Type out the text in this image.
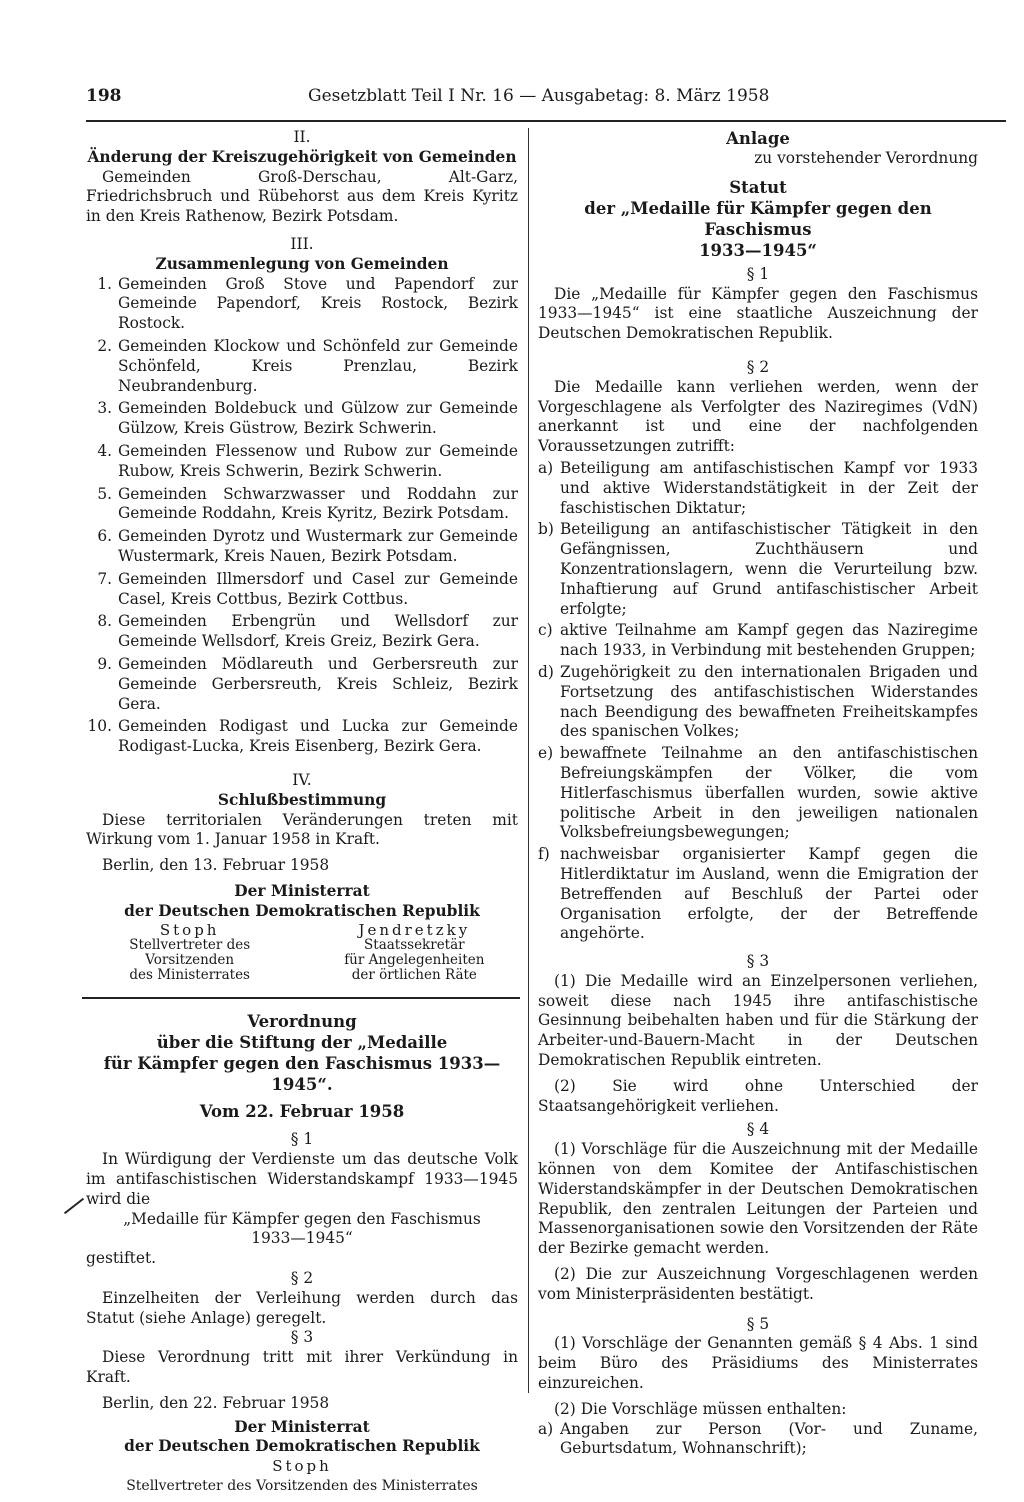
198	Gesetzblatt Teil I Nr. 16 — Ausgabetag: 8. März 1958
II.
Änderung der Kreiszugehörigkeit von Gemeinden

Gemeinden Groß-Derschau, Alt-Garz, Friedrichsbruch und Rübehorst aus dem Kreis Kyritz in den Kreis Rathenow, Bezirk Potsdam.

III.
Zusammenlegung von Gemeinden
1. Gemeinden Groß Stove und Papendorf zur Gemeinde Papendorf, Kreis Rostock, Bezirk Rostock.
2. Gemeinden Klockow und Schönfeld zur Gemeinde Schönfeld, Kreis Prenzlau, Bezirk Neubrandenburg.
3. Gemeinden Boldebuck und Gülzow zur Gemeinde Gülzow, Kreis Güstrow, Bezirk Schwerin.
4. Gemeinden Flessenow und Rubow zur Gemeinde Rubow, Kreis Schwerin, Bezirk Schwerin.
5. Gemeinden Schwarzwasser und Roddahn zur Gemeinde Roddahn, Kreis Kyritz, Bezirk Potsdam.
6. Gemeinden Dyrotz und Wustermark zur Gemeinde Wustermark, Kreis Nauen, Bezirk Potsdam.
7. Gemeinden Illmersdorf und Casel zur Gemeinde Casel, Kreis Cottbus, Bezirk Cottbus.
8. Gemeinden Erbengrün und Wellsdorf zur Gemeinde Wellsdorf, Kreis Greiz, Bezirk Gera.
9. Gemeinden Mödlareuth und Gerbersreuth zur Gemeinde Gerbersreuth, Kreis Schleiz, Bezirk Gera.
10. Gemeinden Rodigast und Lucka zur Gemeinde Rodigast-Lucka, Kreis Eisenberg, Bezirk Gera.
IV.
Schlußbestimmung

Diese territorialen Veränderungen treten mit Wirkung vom 1. Januar 1958 in Kraft.

Berlin, den 13. Februar 1958

Der Ministerrat
der Deutschen Demokratischen Republik
Stoph
Stellvertreter des Vorsitzenden
des Ministerrates
Jendretzky
Staatssekretär
für Angelegenheiten
der örtlichen Räte
Verordnung
über die Stiftung der „Medaille
für Kämpfer gegen den Faschismus 1933—1945“.
Vom 22. Februar 1958
§ 1

In Würdigung der Verdienste um das deutsche Volk im antifaschistischen Widerstandskampf 1933—1945 wird die

„Medaille für Kämpfer gegen den Faschismus
1933—1945“

gestiftet.

§ 2

Einzelheiten der Verleihung werden durch das Statut (siehe Anlage) geregelt.

§ 3

Diese Verordnung tritt mit ihrer Verkündung in Kraft.

Berlin, den 22. Februar 1958

Der Ministerrat
der Deutschen Demokratischen Republik
Stoph
Stellvertreter des Vorsitzenden des Ministerrates
Anlage
zu vorstehender Verordnung
Statut
der „Medaille für Kämpfer gegen den Faschismus
1933—1945“
§ 1

Die „Medaille für Kämpfer gegen den Faschismus 1933—1945“ ist eine staatliche Auszeichnung der Deutschen Demokratischen Republik.

§ 2

Die Medaille kann verliehen werden, wenn der Vorgeschlagene als Verfolgter des Naziregimes (VdN) anerkannt ist und eine der nachfolgenden Voraussetzungen zutrifft:

a) Beteiligung am antifaschistischen Kampf vor 1933 und aktive Widerstandstätigkeit in der Zeit der faschistischen Diktatur;
b) Beteiligung an antifaschistischer Tätigkeit in den Gefängnissen, Zuchthäusern und Konzentrationslagern, wenn die Verurteilung bzw. Inhaftierung auf Grund antifaschistischer Arbeit erfolgte;
c) aktive Teilnahme am Kampf gegen das Naziregime nach 1933, in Verbindung mit bestehenden Gruppen;
d) Zugehörigkeit zu den internationalen Brigaden und Fortsetzung des antifaschistischen Widerstandes nach Beendigung des bewaffneten Freiheitskampfes des spanischen Volkes;
e) bewaffnete Teilnahme an den antifaschistischen Befreiungskämpfen der Völker, die vom Hitlerfaschismus überfallen wurden, sowie aktive politische Arbeit in den jeweiligen nationalen Volksbefreiungsbewegungen;
f) nachweisbar organisierter Kampf gegen die Hitlerdiktatur im Ausland, wenn die Emigration der Betreffenden auf Beschluß der Partei oder Organisation erfolgte, der der Betreffende angehörte.
§ 3

(1) Die Medaille wird an Einzelpersonen verliehen, soweit diese nach 1945 ihre antifaschistische Gesinnung beibehalten haben und für die Stärkung der Arbeiter-und-Bauern-Macht in der Deutschen Demokratischen Republik eintreten.

(2) Sie wird ohne Unterschied der Staatsangehörigkeit verliehen.

§ 4

(1) Vorschläge für die Auszeichnung mit der Medaille können von dem Komitee der Antifaschistischen Widerstandskämpfer in der Deutschen Demokratischen Republik, den zentralen Leitungen der Parteien und Massenorganisationen sowie den Vorsitzenden der Räte der Bezirke gemacht werden.

(2) Die zur Auszeichnung Vorgeschlagenen werden vom Ministerpräsidenten bestätigt.

§ 5

(1) Vorschläge der Genannten gemäß § 4 Abs. 1 sind beim Büro des Präsidiums des Ministerrates einzureichen.

(2) Die Vorschläge müssen enthalten:

a) Angaben zur Person (Vor- und Zuname, Geburtsdatum, Wohnanschrift);
